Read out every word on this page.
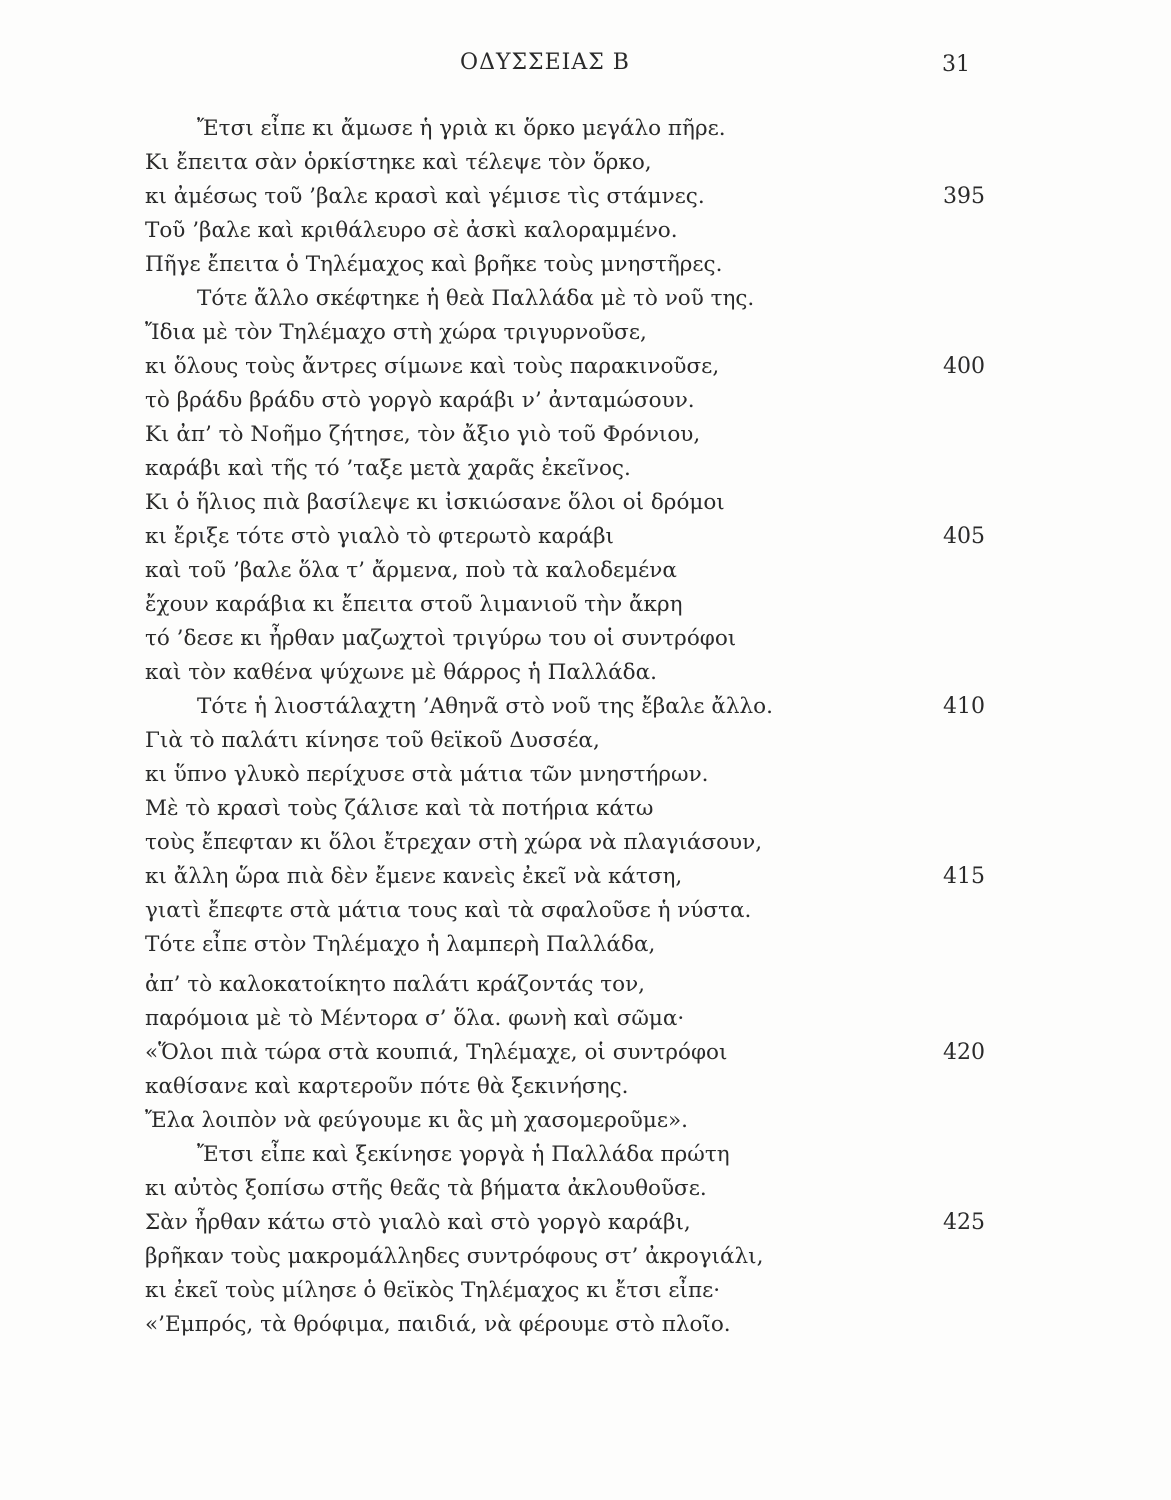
ΟΔΥΣΣΕΙΑΣ Β	31
Ἔτσι εἶπε κι ἄμωσε ἡ γριὰ κι ὅρκο μεγάλο πῆρε.
Κι ἔπειτα σὰν ὁρκίστηκε καὶ τέλεψε τὸν ὅρκο,
κι ἀμέσως τοῦ ’βαλε κρασὶ καὶ γέμισε τὶς στάμνες.	395
Τοῦ ’βαλε καὶ κριθάλευρο σὲ ἀσκὶ καλοραμμένο.
Πῆγε ἔπειτα ὁ Τηλέμαχος καὶ βρῆκε τοὺς μνηστῆρες.
Τότε ἄλλο σκέφτηκε ἡ θεὰ Παλλάδα μὲ τὸ νοῦ της.
Ἴδια μὲ τὸν Τηλέμαχο στὴ χώρα τριγυρνοῦσε,
κι ὅλους τοὺς ἄντρες σίμωνε καὶ τοὺς παρακινοῦσε,	400
τὸ βράδυ βράδυ στὸ γοργὸ καράβι ν’ ἀνταμώσουν.
Κι ἀπ’ τὸ Νοῆμο ζήτησε, τὸν ἄξιο γιὸ τοῦ Φρόνιου,
καράβι καὶ τῆς τό ’ταξε μετὰ χαρᾶς ἐκεῖνος.
Κι ὁ ἥλιος πιὰ βασίλεψε κι ἰσκιώσανε ὅλοι οἱ δρόμοι
κι ἔριξε τότε στὸ γιαλὸ τὸ φτερωτὸ καράβι	405
καὶ τοῦ ’βαλε ὅλα τ’ ἄρμενα, ποὺ τὰ καλοδεμένα
ἔχουν καράβια κι ἔπειτα στοῦ λιμανιοῦ τὴν ἄκρη
τό ’δεσε κι ἦρθαν μαζωχτοὶ τριγύρω του οἱ συντρόφοι
καὶ τὸν καθένα ψύχωνε μὲ θάρρος ἡ Παλλάδα.
Τότε ἡ λιοστάλαχτη ’Αθηνᾶ στὸ νοῦ της ἔβαλε ἄλλο.	410
Γιὰ τὸ παλάτι κίνησε τοῦ θεϊκοῦ Δυσσέα,
κι ὕπνο γλυκὸ περίχυσε στὰ μάτια τῶν μνηστήρων.
Μὲ τὸ κρασὶ τοὺς ζάλισε καὶ τὰ ποτήρια κάτω
τοὺς ἔπεφταν κι ὅλοι ἔτρεχαν στὴ χώρα νὰ πλαγιάσουν,
κι ἄλλη ὥρα πιὰ δὲν ἔμενε κανεὶς ἐκεῖ νὰ κάτση,	415
γιατὶ ἔπεφτε στὰ μάτια τους καὶ τὰ σφαλοῦσε ἡ νύστα.
Τότε εἶπε στὸν Τηλέμαχο ἡ λαμπερὴ Παλλάδα,
ἀπ’ τὸ καλοκατοίκητο παλάτι κράζοντάς τον,
παρόμοια μὲ τὸ Μέντορα σ’ ὅλα. φωνὴ καὶ σῶμα·
«Ὅλοι πιὰ τώρα στὰ κουπιά, Τηλέμαχε, οἱ συντρόφοι	420
καθίσανε καὶ καρτεροῦν πότε θὰ ξεκινήσης.
Ἔλα λοιπὸν νὰ φεύγουμε κι ἂς μὴ χασομεροῦμε».
Ἔτσι εἶπε καὶ ξεκίνησε γοργὰ ἡ Παλλάδα πρώτη
κι αὐτὸς ξοπίσω στῆς θεᾶς τὰ βήματα ἀκλουθοῦσε.
Σὰν ἦρθαν κάτω στὸ γιαλὸ καὶ στὸ γοργὸ καράβι,	425
βρῆκαν τοὺς μακρομάλληδες συντρόφους στ’ ἀκρογιάλι,
κι ἐκεῖ τοὺς μίλησε ὁ θεϊκὸς Τηλέμαχος κι ἔτσι εἶπε·
«’Εμπρός, τὰ θρόφιμα, παιδιά, νὰ φέρουμε στὸ πλοῖο.
